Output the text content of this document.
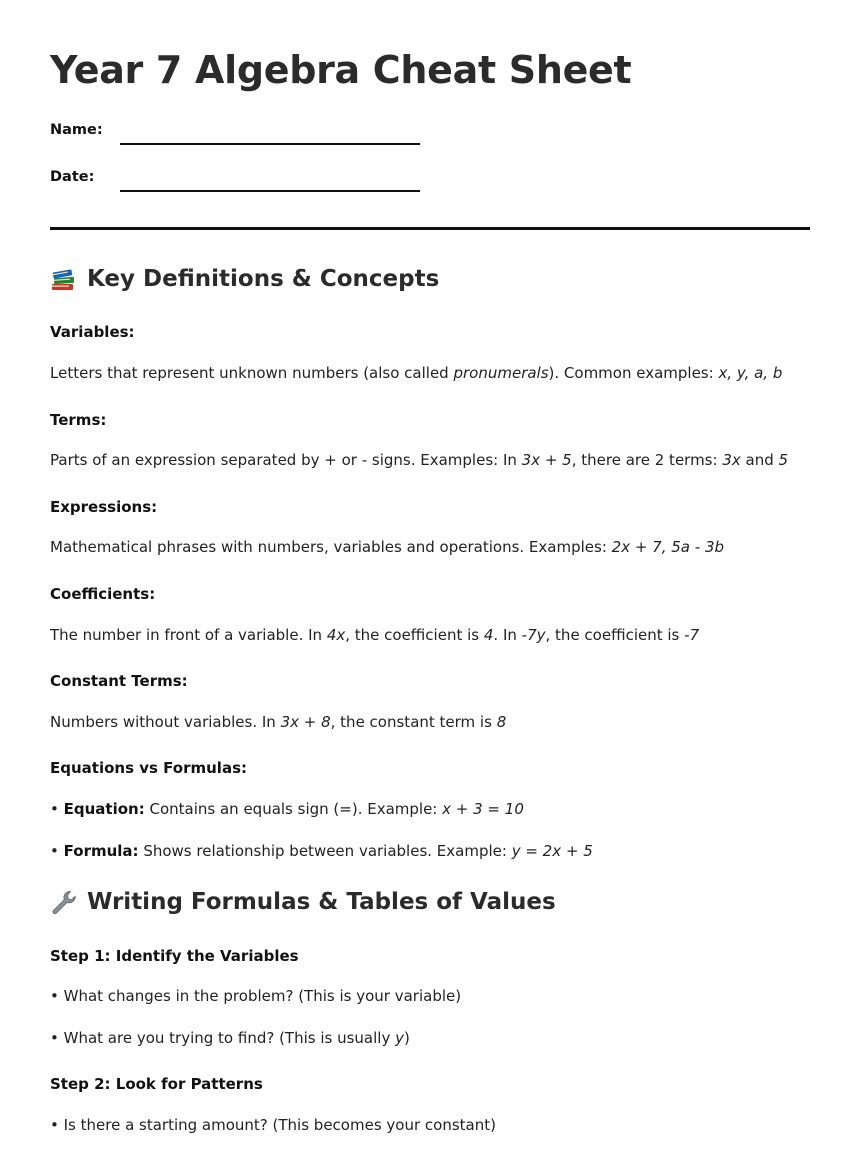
Year 7 Algebra Cheat Sheet
Name:
Date:
Key Definitions & Concepts
Variables:

Letters that represent unknown numbers (also called pronumerals). Common examples: x, y, a, b

Terms:

Parts of an expression separated by + or - signs. Examples: In 3x + 5, there are 2 terms: 3x and 5

Expressions:

Mathematical phrases with numbers, variables and operations. Examples: 2x + 7, 5a - 3b

Coefficients:

The number in front of a variable. In 4x, the coefficient is 4. In -7y, the coefficient is -7

Constant Terms:

Numbers without variables. In 3x + 8, the constant term is 8

Equations vs Formulas:

• Equation: Contains an equals sign (=). Example: x + 3 = 10

• Formula: Shows relationship between variables. Example: y = 2x + 5

Writing Formulas & Tables of Values
Step 1: Identify the Variables

• What changes in the problem? (This is your variable)

• What are you trying to find? (This is usually y)

Step 2: Look for Patterns

• Is there a starting amount? (This becomes your constant)
